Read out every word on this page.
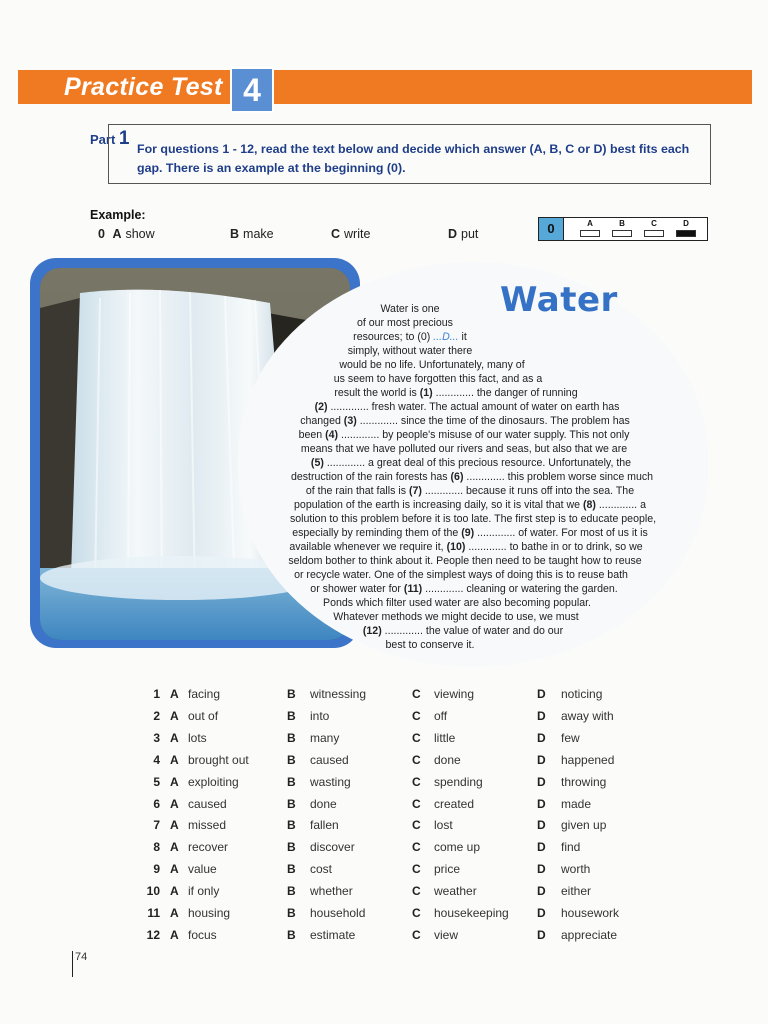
Practice Test 4
Part 1 For questions 1 - 12, read the text below and decide which answer (A, B, C or D) best fits each gap. There is an example at the beginning (0).
Example:
0 A show	B make	C write	D put	0	A	B	C	D
Water
Water is one
of our most precious
resources; to (0) ...D... it
simply, without water there
would be no life. Unfortunately, many of
us seem to have forgotten this fact, and as a
result the world is (1) ............. the danger of running
(2) ............. fresh water. The actual amount of water on earth has
changed (3) ............. since the time of the dinosaurs. The problem has
been (4) ............. by people's misuse of our water supply. This not only
means that we have polluted our rivers and seas, but also that we are
(5) ............. a great deal of this precious resource. Unfortunately, the
destruction of the rain forests has (6) ............. this problem worse since much
of the rain that falls is (7) ............. because it runs off into the sea. The
population of the earth is increasing daily, so it is vital that we (8) ............. a
solution to this problem before it is too late. The first step is to educate people,
especially by reminding them of the (9) ............. of water. For most of us it is
available whenever we require it, (10) ............. to bathe in or to drink, so we
seldom bother to think about it. People then need to be taught how to reuse
or recycle water. One of the simplest ways of doing this is to reuse bath
or shower water for (11) ............. cleaning or watering the garden.
Ponds which filter used water are also becoming popular.
Whatever methods we might decide to use, we must
(12) ............. the value of water and do our
best to conserve it.
1 A facing	B witnessing	C viewing	D noticing
2 A out of	B into	C off	D away with
3 A lots	B many	C little	D few
4 A brought out	B caused	C done	D happened
5 A exploiting	B wasting	C spending	D throwing
6 A caused	B done	C created	D made
7 A missed	B fallen	C lost	D given up
8 A recover	B discover	C come up	D find
9 A value	B cost	C price	D worth
10 A if only	B whether	C weather	D either
11 A housing	B household	C housekeeping D housework
12 A focus	B estimate	C view	D appreciate
74
